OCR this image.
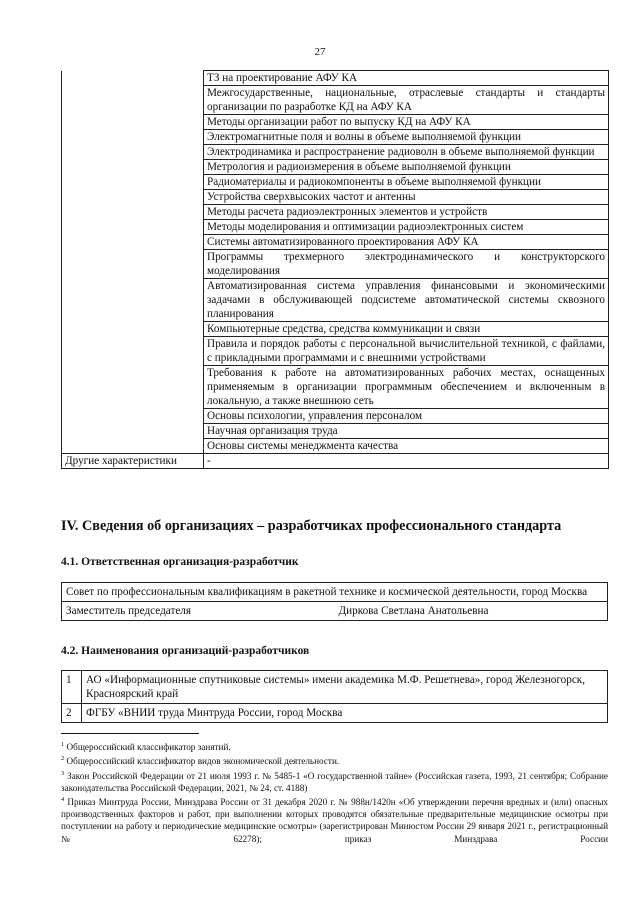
27
	ТЗ на проектирование АФУ КА
	Межгосударственные, национальные, отраслевые стандарты и стандарты организации по разработке КД на АФУ КА
	Методы организации работ по выпуску КД на АФУ КА
	Электромагнитные поля и волны в объеме выполняемой функции
	Электродинамика и распространение радиоволн в объеме выполняемой функции
	Метрология и радиоизмерения в объеме выполняемой функции
	Радиоматериалы и радиокомпоненты в объеме выполняемой функции
	Устройства сверхвысоких частот и антенны
	Методы расчета радиоэлектронных элементов и устройств
	Методы моделирования и оптимизации радиоэлектронных систем
	Системы автоматизированного проектирования АФУ КА
	Программы трехмерного электродинамического и конструкторского моделирования
	Автоматизированная система управления финансовыми и экономическими задачами в обслуживающей подсистеме автоматической системы сквозного планирования
	Компьютерные средства, средства коммуникации и связи
	Правила и порядок работы с персональной вычислительной техникой, с файлами, с прикладными программами и с внешними устройствами
	Требования к работе на автоматизированных рабочих местах, оснащенных применяемым в организации программным обеспечением и включенным в локальную, а также внешнюю сеть
	Основы психологии, управления персоналом
	Научная организация труда
	Основы системы менеджмента качества
Другие характеристики	-
IV. Сведения об организациях – разработчиках профессионального стандарта
4.1. Ответственная организация-разработчик
Совет по профессиональным квалификациям в ракетной технике и космической деятельности, город Москва
Заместитель председателя	Диркова Светлана Анатольевна
4.2. Наименования организаций-разработчиков
1	АО «Информационные спутниковые системы» имени академика М.Ф. Решетнева», город Железногорск, Красноярский край
2	ФГБУ «ВНИИ труда Минтруда России, город Москва

$^1$ Общероссийский классификатор занятий.

$^2$ Общероссийский классификатор видов экономической деятельности.

$^3$ Закон Российской Федерации от 21 июля 1993 г. № 5485-1 «О государственной тайне» (Российская газета, 1993, 21 сентября; Собрание законодательства Российской Федерации, 2021, № 24, ст. 4188)

$^4$ Приказ Минтруда России, Минздрава России от 31 декабря 2020 г. № 988н/1420н «Об утверждении перечня вредных и (или) опасных производственных факторов и работ, при выполнении которых проводятся обязательные предварительные медицинские осмотры при поступлении на работу и периодические медицинские осмотры» (зарегистрирован Минюстом России 29 января 2021 г., регистрационный № 62278); приказ Минздрава России
